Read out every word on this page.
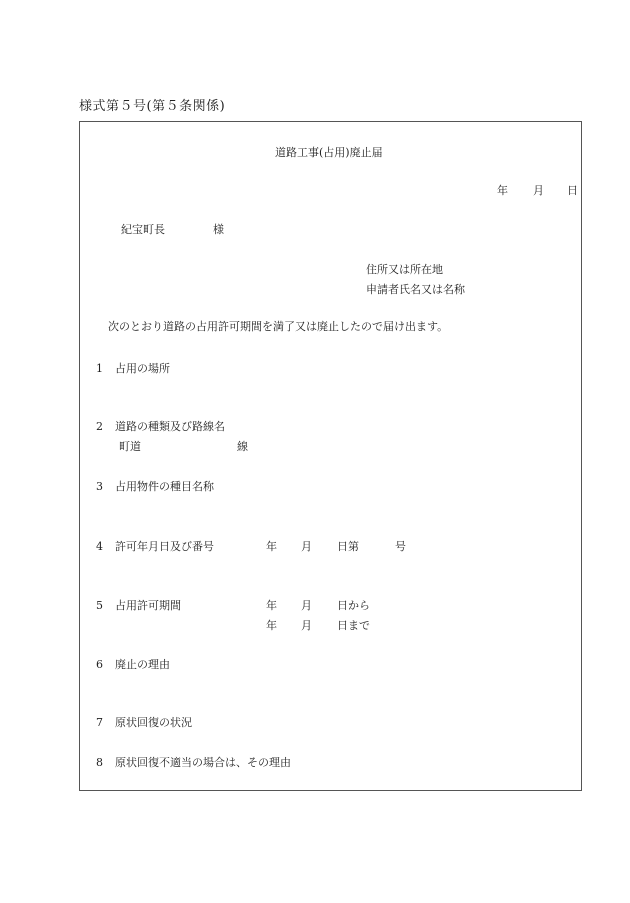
様式第５号(第５条関係)
道路工事(占用)廃止届
年 月 日
紀宝町長	様
住所又は所在地
申請者氏名又は名称
次のとおり道路の占用許可期間を満了又は廃止したので届け出ます。
1 占用の場所
2 道路の種類及び路線名
町道	線
3 占用物件の種目名称
4 許可年月日及び番号	年 月 日第	号
5 占用許可期間	年 月 日から
年 月 日まで
6 廃止の理由
7 原状回復の状況
8 原状回復不適当の場合は、その理由
